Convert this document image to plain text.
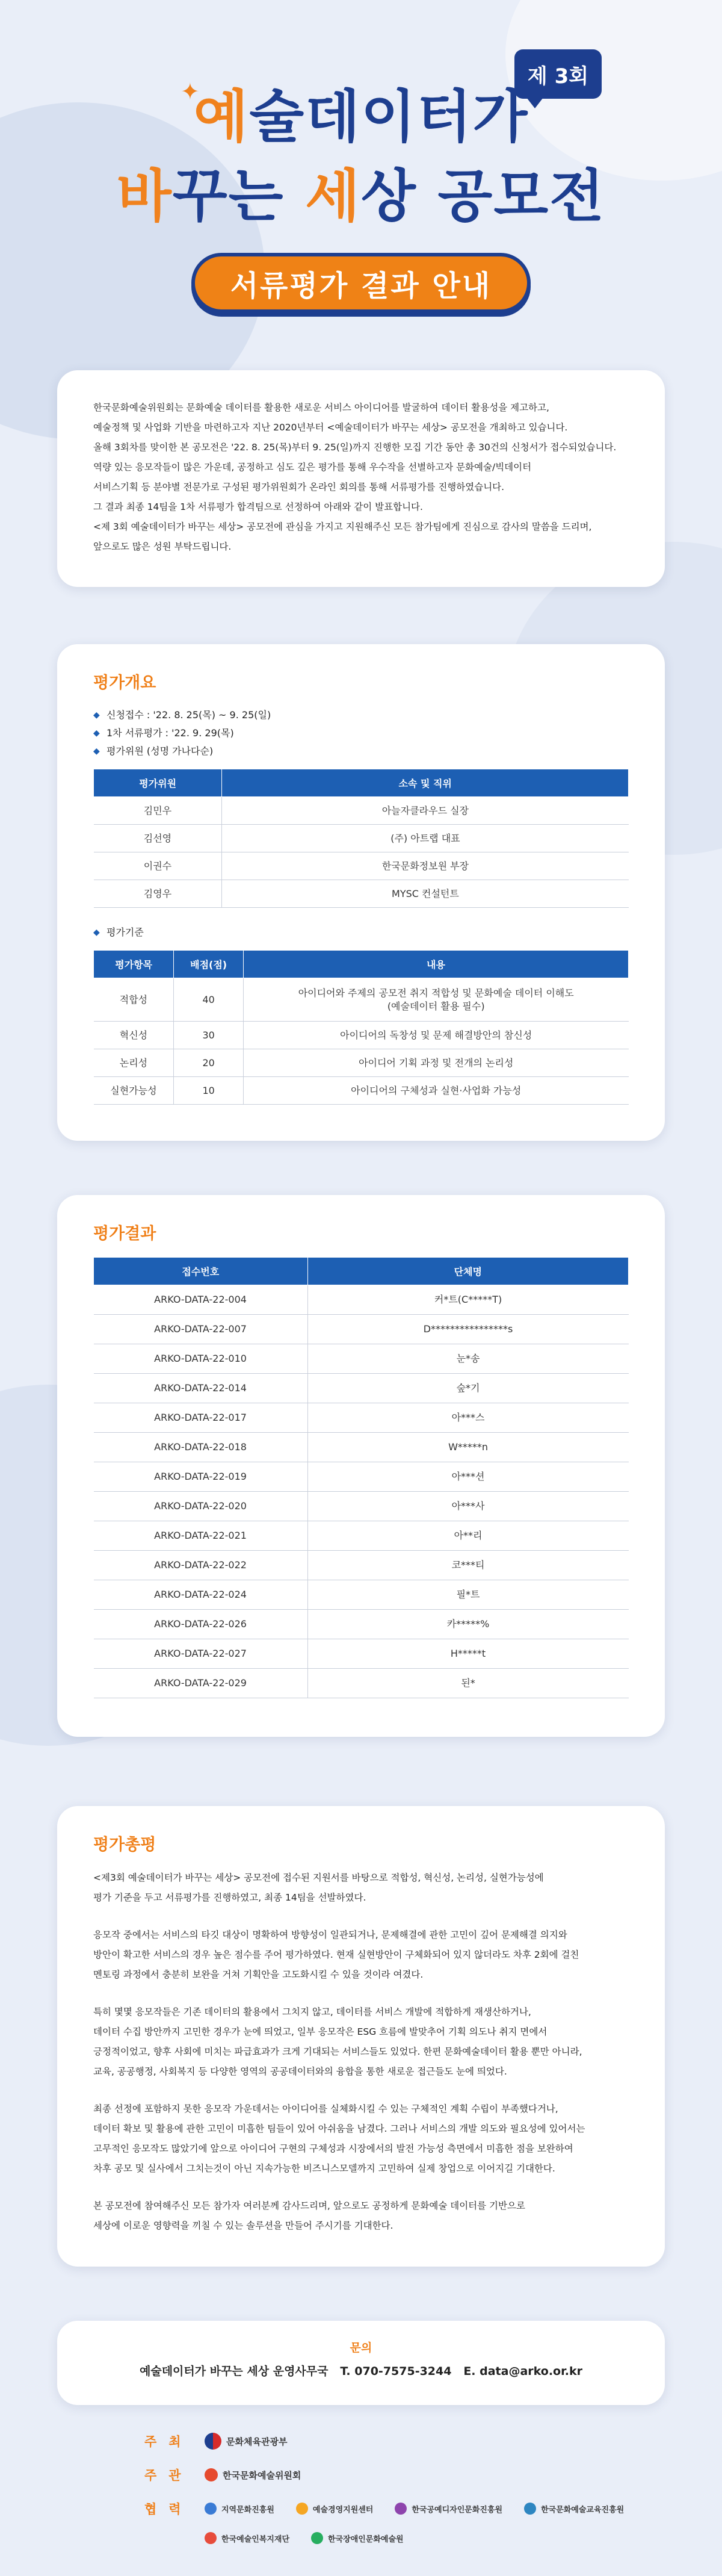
제 3회
✦
예술데이터가
바꾸는 세상 공모전
서류평가 결과 안내

한국문화예술위원회는 문화예술 데이터를 활용한 새로운 서비스 아이디어를 발굴하여 데이터 활용성을 제고하고,
예술정책 및 사업화 기반을 마련하고자 지난 2020년부터 <예술데이터가 바꾸는 세상> 공모전을 개최하고 있습니다.
올해 3회차를 맞이한 본 공모전은 '22. 8. 25(목)부터 9. 25(일)까지 진행한 모집 기간 동안 총 30건의 신청서가 접수되었습니다.
역량 있는 응모작들이 많은 가운데, 공정하고 심도 깊은 평가를 통해 우수작을 선별하고자 문화예술/빅데이터
서비스기획 등 분야별 전문가로 구성된 평가위원회가 온라인 회의를 통해 서류평가를 진행하였습니다.
그 결과 최종 14팀을 1차 서류평가 합격팀으로 선정하여 아래와 같이 발표합니다.
<제 3회 예술데이터가 바꾸는 세상> 공모전에 관심을 가지고 지원해주신 모든 참가팀에게 진심으로 감사의 말씀을 드리며,
앞으로도 많은 성원 부탁드립니다.

평가개요
◆ 신청접수 : '22. 8. 25(목) ~ 9. 25(일)
◆ 1차 서류평가 : '22. 9. 29(목)
◆ 평가위원 (성명 가나다순)
평가위원	소속 및 직위
김민우	아늘자클라우드 실장
김선영	(주) 아트랩 대표
이권수	한국문화정보원 부장
김영우	MYSC 컨설턴트
◆ 평가기준
평가항목	배점(점)	내용
적합성	40	아이디어와 주제의 공모전 취지 적합성 및 문화예술 데이터 이해도
(예술데이터 활용 필수)
혁신성	30	아이디어의 독창성 및 문제 해결방안의 참신성
논리성	20	아이디어 기획 과정 및 전개의 논리성
실현가능성	10	아이디어의 구체성과 실현·사업화 가능성
평가결과
접수번호	단체명
ARKO-DATA-22-004	커*트(C*****T)
ARKO-DATA-22-007	D****************s
ARKO-DATA-22-010	눈*송
ARKO-DATA-22-014	숲*기
ARKO-DATA-22-017	아***스
ARKO-DATA-22-018	W*****n
ARKO-DATA-22-019	아***션
ARKO-DATA-22-020	아***사
ARKO-DATA-22-021	아**리
ARKO-DATA-22-022	코***티
ARKO-DATA-22-024	필*트
ARKO-DATA-22-026	카*****%
ARKO-DATA-22-027	H*****t
ARKO-DATA-22-029	된*
평가총평

<제3회 예술데이터가 바꾸는 세상> 공모전에 접수된 지원서를 바탕으로 적합성, 혁신성, 논리성, 실현가능성에
평가 기준을 두고 서류평가를 진행하였고, 최종 14팀을 선발하였다.

응모작 중에서는 서비스의 타깃 대상이 명확하여 방향성이 일관되거나, 문제해결에 관한 고민이 깊어 문제해결 의지와
방안이 확고한 서비스의 경우 높은 점수를 주어 평가하였다. 현재 실현방안이 구체화되어 있지 않더라도 차후 2회에 걸친
멘토링 과정에서 충분히 보완을 거쳐 기획안을 고도화시킬 수 있을 것이라 여겼다.

특히 몇몇 응모작들은 기존 데이터의 활용에서 그치지 않고, 데이터를 서비스 개발에 적합하게 재생산하거나,
데이터 수집 방안까지 고민한 경우가 눈에 띄었고, 일부 응모작은 ESG 흐름에 발맞추어 기획 의도나 취지 면에서
긍정적이었고, 향후 사회에 미치는 파급효과가 크게 기대되는 서비스들도 있었다. 한편 문화예술데이터 활용 뿐만 아니라,
교육, 공공행정, 사회복지 등 다양한 영역의 공공데이터와의 융합을 통한 새로운 접근들도 눈에 띄었다.

최종 선정에 포함하지 못한 응모작 가운데서는 아이디어를 실체화시킬 수 있는 구체적인 계획 수립이 부족했다거나,
데이터 확보 및 활용에 관한 고민이 미흡한 팀들이 있어 아쉬움을 남겼다. 그러나 서비스의 개발 의도와 필요성에 있어서는
고무적인 응모작도 많았기에 앞으로 아이디어 구현의 구체성과 시장에서의 발전 가능성 측면에서 미흡한 점을 보완하여
차후 공모 및 실사에서 그치는것이 아닌 지속가능한 비즈니스모델까지 고민하여 실제 창업으로 이어지길 기대한다.

본 공모전에 참여해주신 모든 참가자 여러분께 감사드리며, 앞으로도 공정하게 문화예술 데이터를 기반으로
세상에 이로운 영향력을 끼칠 수 있는 솔루션을 만들어 주시기를 기대한다.

문의
예술데이터가 바꾸는 세상 운영사무국 T. 070-7575-3244 E. data@arko.or.kr
주최	문화체육관광부
주관	한국문화예술위원회
협력	지역문화진흥원	예술경영지원센터	한국공예디자인문화진흥원	한국문화예술교육진흥원
한국예술인복지재단	한국장애인문화예술원
